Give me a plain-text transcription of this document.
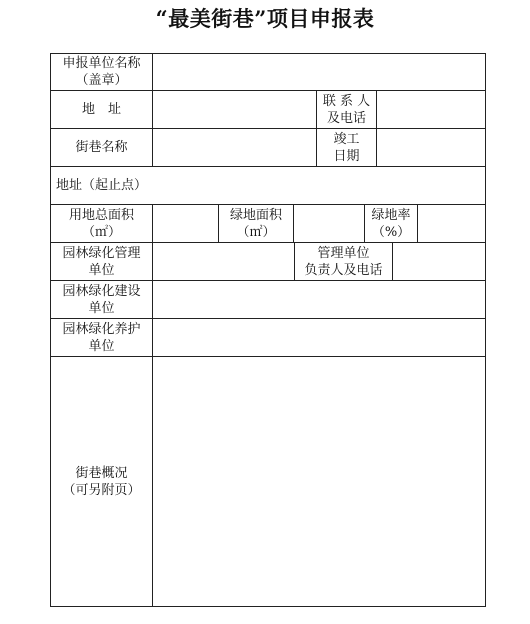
“最美街巷”项目申报表
申报单位名称
（盖章）
地　址
联 系 人
及电话
街巷名称
竣工
日期
地址（起止点）
用地总面积
（㎡）
绿地面积
（㎡）
绿地率
（%）
园林绿化管理
单位
管理单位
负责人及电话
园林绿化建设
单位
园林绿化养护
单位
街巷概况
（可另附页）
